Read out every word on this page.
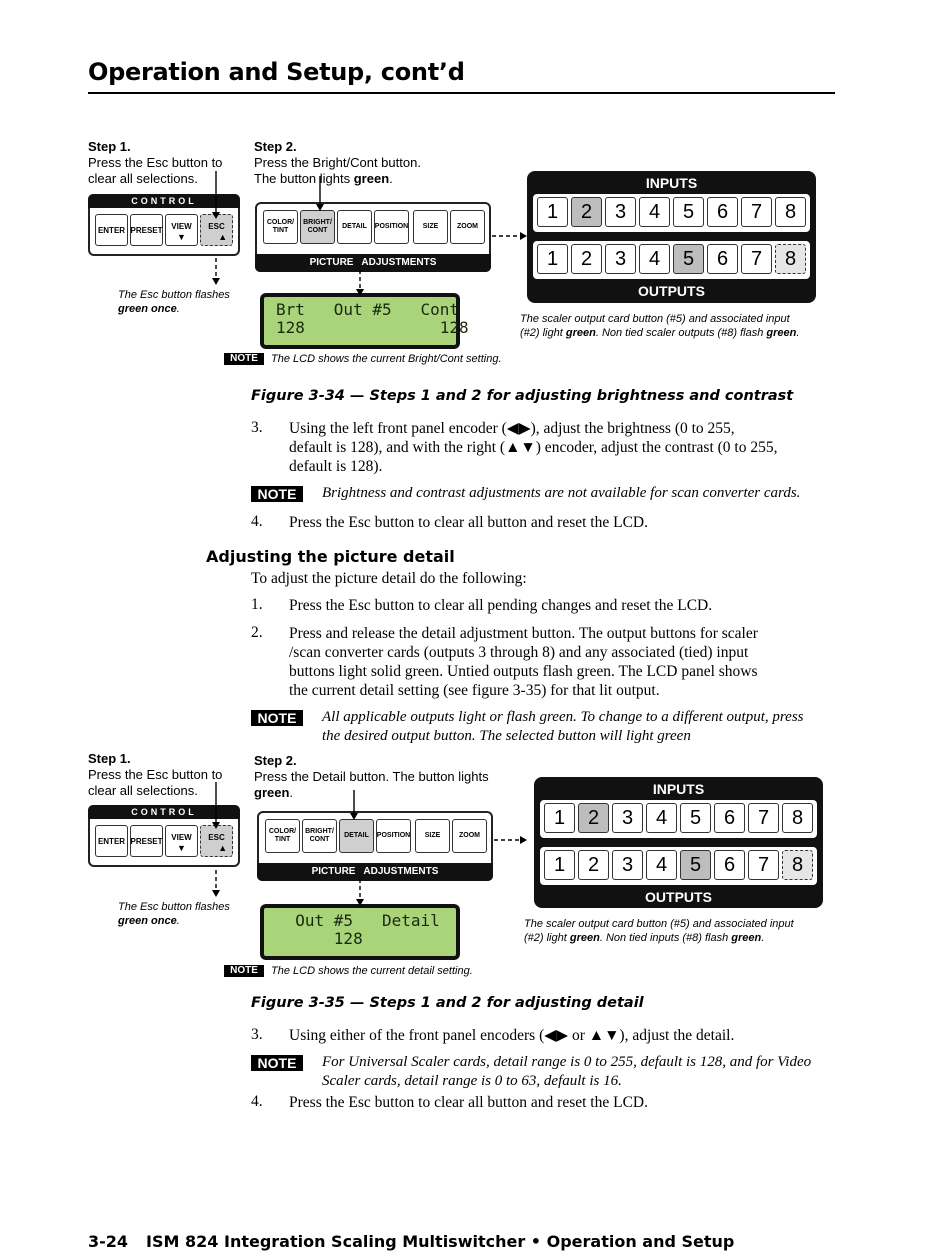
Operation and Setup, cont’d
Step 1.
Press the Esc button to clear all selections.
Step 2.
Press the Bright/Cont button. The button lights green.
CONTROL
ENTER PRESET VIEW
▼
ESC
▲
The Esc button flashes green once.
COLOR/ TINT
BRIGHT/ CONT
DETAIL	POSITION	SIZE	ZOOM
PICTURE   ADJUSTMENTS
Brt   Out #5   Cont
128              128
INPUTS
1	2	3	4	5	6	7	8
1	2	3	4	5	6	7	8
OUTPUTS
The scaler output card button (#5) and associated input
(#2) light green. Non tied scaler outputs (#8) flash green.
NOTE	The LCD shows the current Bright/Cont setting.
Figure 3-34 — Steps 1 and 2 for adjusting brightness and contrast
3. Using the left front panel encoder (◀▶), adjust the brightness (0 to 255,
default is 128), and with the right (▲▼) encoder, adjust the contrast (0 to 255,
default is 128).
NOTE	Brightness and contrast adjustments are not available for scan converter cards.
4. Press the Esc button to clear all button and reset the LCD.
Adjusting the picture detail
To adjust the picture detail do the following:
1. Press the Esc button to clear all pending changes and reset the LCD.
2. Press and release the detail adjustment button. The output buttons for scaler
/scan converter cards (outputs 3 through 8) and any associated (tied) input
buttons light solid green. Untied outputs flash green. The LCD panel shows
the current detail setting (see figure 3-35) for that lit output.
NOTE	All applicable outputs light or flash green. To change to a different output, press
the desired output button. The selected button will light green
Step 1.
Press the Esc button to clear all selections.
Step 2.
Press the Detail button. The button lights green.
CONTROL
ENTER PRESET VIEW
▼
ESC
▲
The Esc button flashes green once.
COLOR/ TINT
BRIGHT/ CONT
DETAIL	POSITION	SIZE	ZOOM
PICTURE   ADJUSTMENTS
Out #5   Detail
128
INPUTS
1	2	3	4	5	6	7	8
1	2	3	4	5	6	7	8
OUTPUTS
The scaler output card button (#5) and associated input
(#2) light green. Non tied inputs (#8) flash green.
NOTE	The LCD shows the current detail setting.
Figure 3-35 — Steps 1 and 2 for adjusting detail
3. Using either of the front panel encoders (◀▶ or ▲▼), adjust the detail.
NOTE	For Universal Scaler cards, detail range is 0 to 255, default is 128, and for Video
Scaler cards, detail range is 0 to 63, default is 16.
4. Press the Esc button to clear all button and reset the LCD.
3-24 ISM 824 Integration Scaling Multiswitcher • Operation and Setup
